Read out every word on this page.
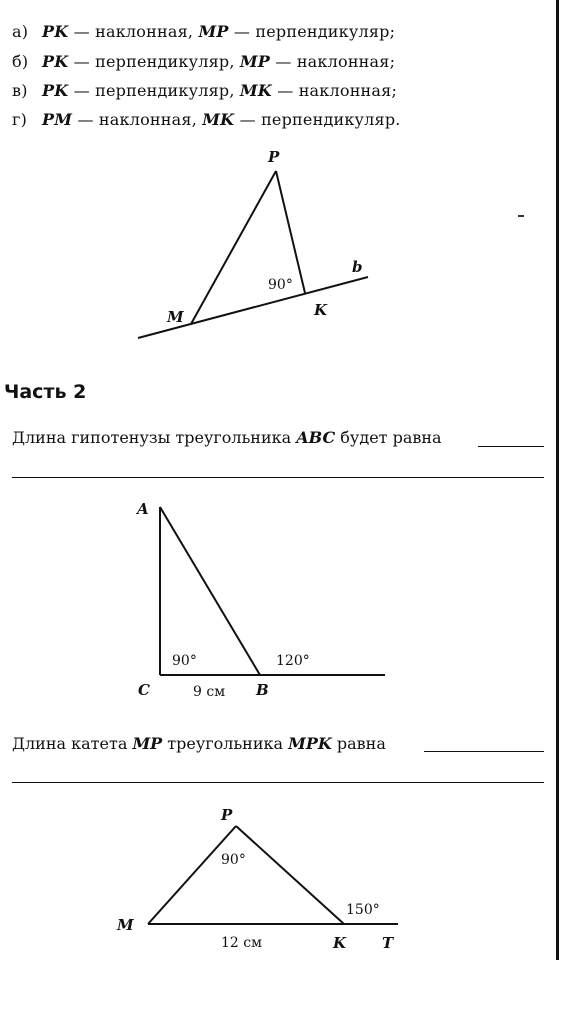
а) PK — наклонная, MP — перпендикуляр;
б) PK — перпендикуляр, MP — наклонная;
в) PK — перпендикуляр, MK — наклонная;
г) PM — наклонная, MK — перпендикуляр.
P
M	K
b
90°
Часть 2
Длина гипотенузы треугольника ABC будет равна
A
C	B
90°	120°
9 см
Длина катета MP треугольника MPK равна
P
M
K T
90°
150°
12 см
